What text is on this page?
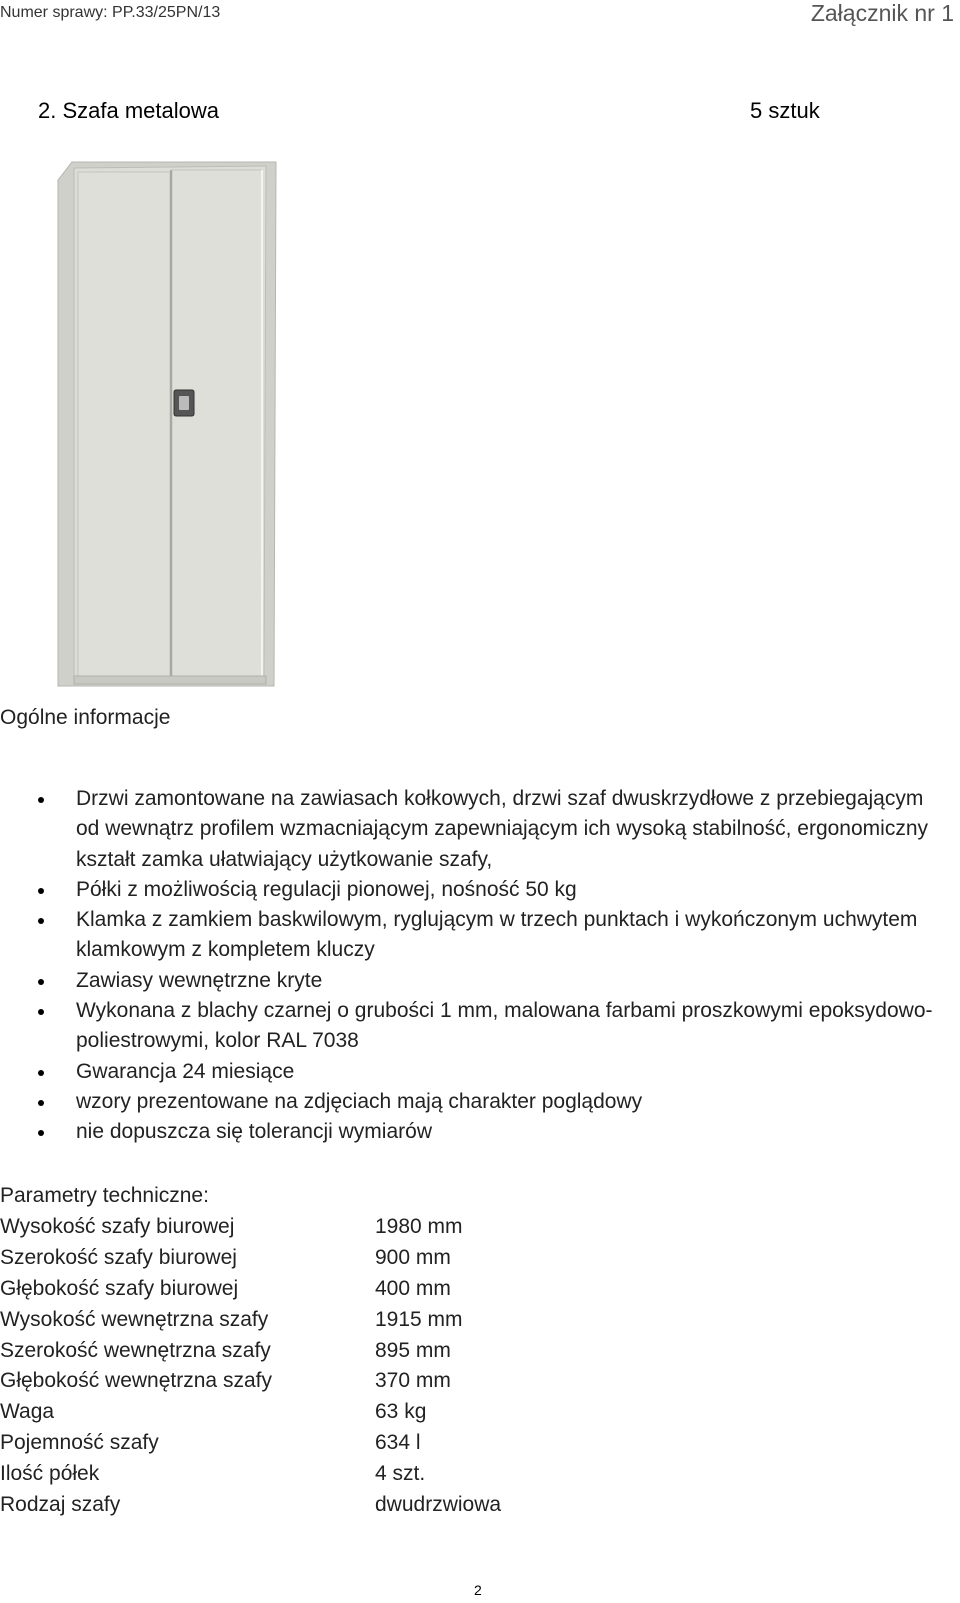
Numer sprawy: PP.33/25PN/13	Załącznik nr 1
2. Szafa metalowa	5 sztuk
Ogólne informacje
Drzwi zamontowane na zawiasach kołkowych, drzwi szaf dwuskrzydłowe z przebiegającym od wewnątrz profilem wzmacniającym zapewniającym ich wysoką stabilność, ergonomiczny kształt zamka ułatwiający użytkowanie szafy,
Półki z możliwością regulacji pionowej, nośność 50 kg
Klamka z zamkiem baskwilowym, ryglującym w trzech punktach i wykończonym uchwytem klamkowym z kompletem kluczy
Zawiasy wewnętrzne kryte
Wykonana z blachy czarnej o grubości 1 mm, malowana farbami proszkowymi epoksydowo-poliestrowymi, kolor RAL 7038
Gwarancja 24 miesiące
wzory prezentowane na zdjęciach mają charakter poglądowy
nie dopuszcza się tolerancji wymiarów
Parametry techniczne:
Wysokość szafy biurowej	1980 mm
Szerokość szafy biurowej	900 mm
Głębokość szafy biurowej	400 mm
Wysokość wewnętrzna szafy	1915 mm
Szerokość wewnętrzna szafy	895 mm
Głębokość wewnętrzna szafy	370 mm
Waga	63 kg
Pojemność szafy	634 l
Ilość półek	4 szt.
Rodzaj szafy	dwudrzwiowa
2
